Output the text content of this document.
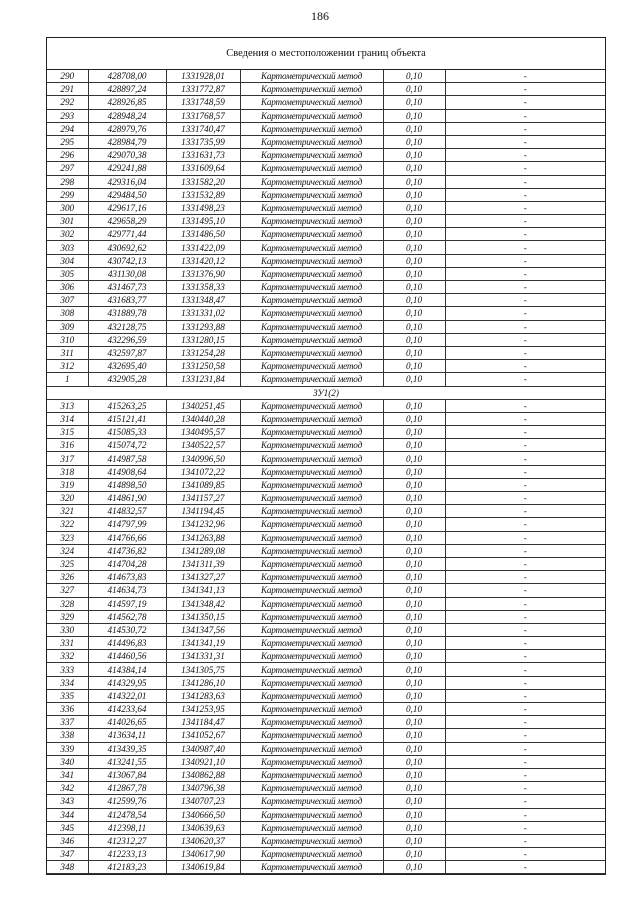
186
Сведения о местоположении границ объекта
290	428708,00	1331928,01	Картометрический метод	0,10	-
291	428897,24	1331772,87	Картометрический метод	0,10	-
292	428926,85	1331748,59	Картометрический метод	0,10	-
293	428948,24	1331768,57	Картометрический метод	0,10	-
294	428979,76	1331740,47	Картометрический метод	0,10	-
295	428984,79	1331735,99	Картометрический метод	0,10	-
296	429070,38	1331631,73	Картометрический метод	0,10	-
297	429241,88	1331609,64	Картометрический метод	0,10	-
298	429316,04	1331582,20	Картометрический метод	0,10	-
299	429484,50	1331532,89	Картометрический метод	0,10	-
300	429617,16	1331498,23	Картометрический метод	0,10	-
301	429658,29	1331495,10	Картометрический метод	0,10	-
302	429771,44	1331486,50	Картометрический метод	0,10	-
303	430692,62	1331422,09	Картометрический метод	0,10	-
304	430742,13	1331420,12	Картометрический метод	0,10	-
305	431130,08	1331376,90	Картометрический метод	0,10	-
306	431467,73	1331358,33	Картометрический метод	0,10	-
307	431683,77	1331348,47	Картометрический метод	0,10	-
308	431889,78	1331331,02	Картометрический метод	0,10	-
309	432128,75	1331293,88	Картометрический метод	0,10	-
310	432296,59	1331280,15	Картометрический метод	0,10	-
311	432597,87	1331254,28	Картометрический метод	0,10	-
312	432695,40	1331250,58	Картометрический метод	0,10	-
1	432905,28	1331231,84	Картометрический метод	0,10	-
ЗУ1(2)					
313	415263,25	1340251,45	Картометрический метод	0,10	-
314	415121,41	1340440,28	Картометрический метод	0,10	-
315	415085,33	1340495,57	Картометрический метод	0,10	-
316	415074,72	1340522,57	Картометрический метод	0,10	-
317	414987,58	1340996,50	Картометрический метод	0,10	-
318	414908,64	1341072,22	Картометрический метод	0,10	-
319	414898,50	1341089,85	Картометрический метод	0,10	-
320	414861,90	1341157,27	Картометрический метод	0,10	-
321	414832,57	1341194,45	Картометрический метод	0,10	-
322	414797,99	1341232,96	Картометрический метод	0,10	-
323	414766,66	1341263,88	Картометрический метод	0,10	-
324	414736,82	1341289,08	Картометрический метод	0,10	-
325	414704,28	1341311,39	Картометрический метод	0,10	-
326	414673,83	1341327,27	Картометрический метод	0,10	-
327	414634,73	1341341,13	Картометрический метод	0,10	-
328	414597,19	1341348,42	Картометрический метод	0,10	-
329	414562,78	1341350,15	Картометрический метод	0,10	-
330	414530,72	1341347,56	Картометрический метод	0,10	-
331	414496,83	1341341,19	Картометрический метод	0,10	-
332	414460,56	1341331,31	Картометрический метод	0,10	-
333	414384,14	1341305,75	Картометрический метод	0,10	-
334	414329,95	1341286,10	Картометрический метод	0,10	-
335	414322,01	1341283,63	Картометрический метод	0,10	-
336	414233,64	1341253,95	Картометрический метод	0,10	-
337	414026,65	1341184,47	Картометрический метод	0,10	-
338	413634,11	1341052,67	Картометрический метод	0,10	-
339	413439,35	1340987,40	Картометрический метод	0,10	-
340	413241,55	1340921,10	Картометрический метод	0,10	-
341	413067,84	1340862,88	Картометрический метод	0,10	-
342	412867,78	1340796,38	Картометрический метод	0,10	-
343	412599,76	1340707,23	Картометрический метод	0,10	-
344	412478,54	1340666,50	Картометрический метод	0,10	-
345	412398,11	1340639,63	Картометрический метод	0,10	-
346	412312,27	1340620,37	Картометрический метод	0,10	-
347	412233,13	1340617,90	Картометрический метод	0,10	-
348	412183,23	1340619,84	Картометрический метод	0,10	-
